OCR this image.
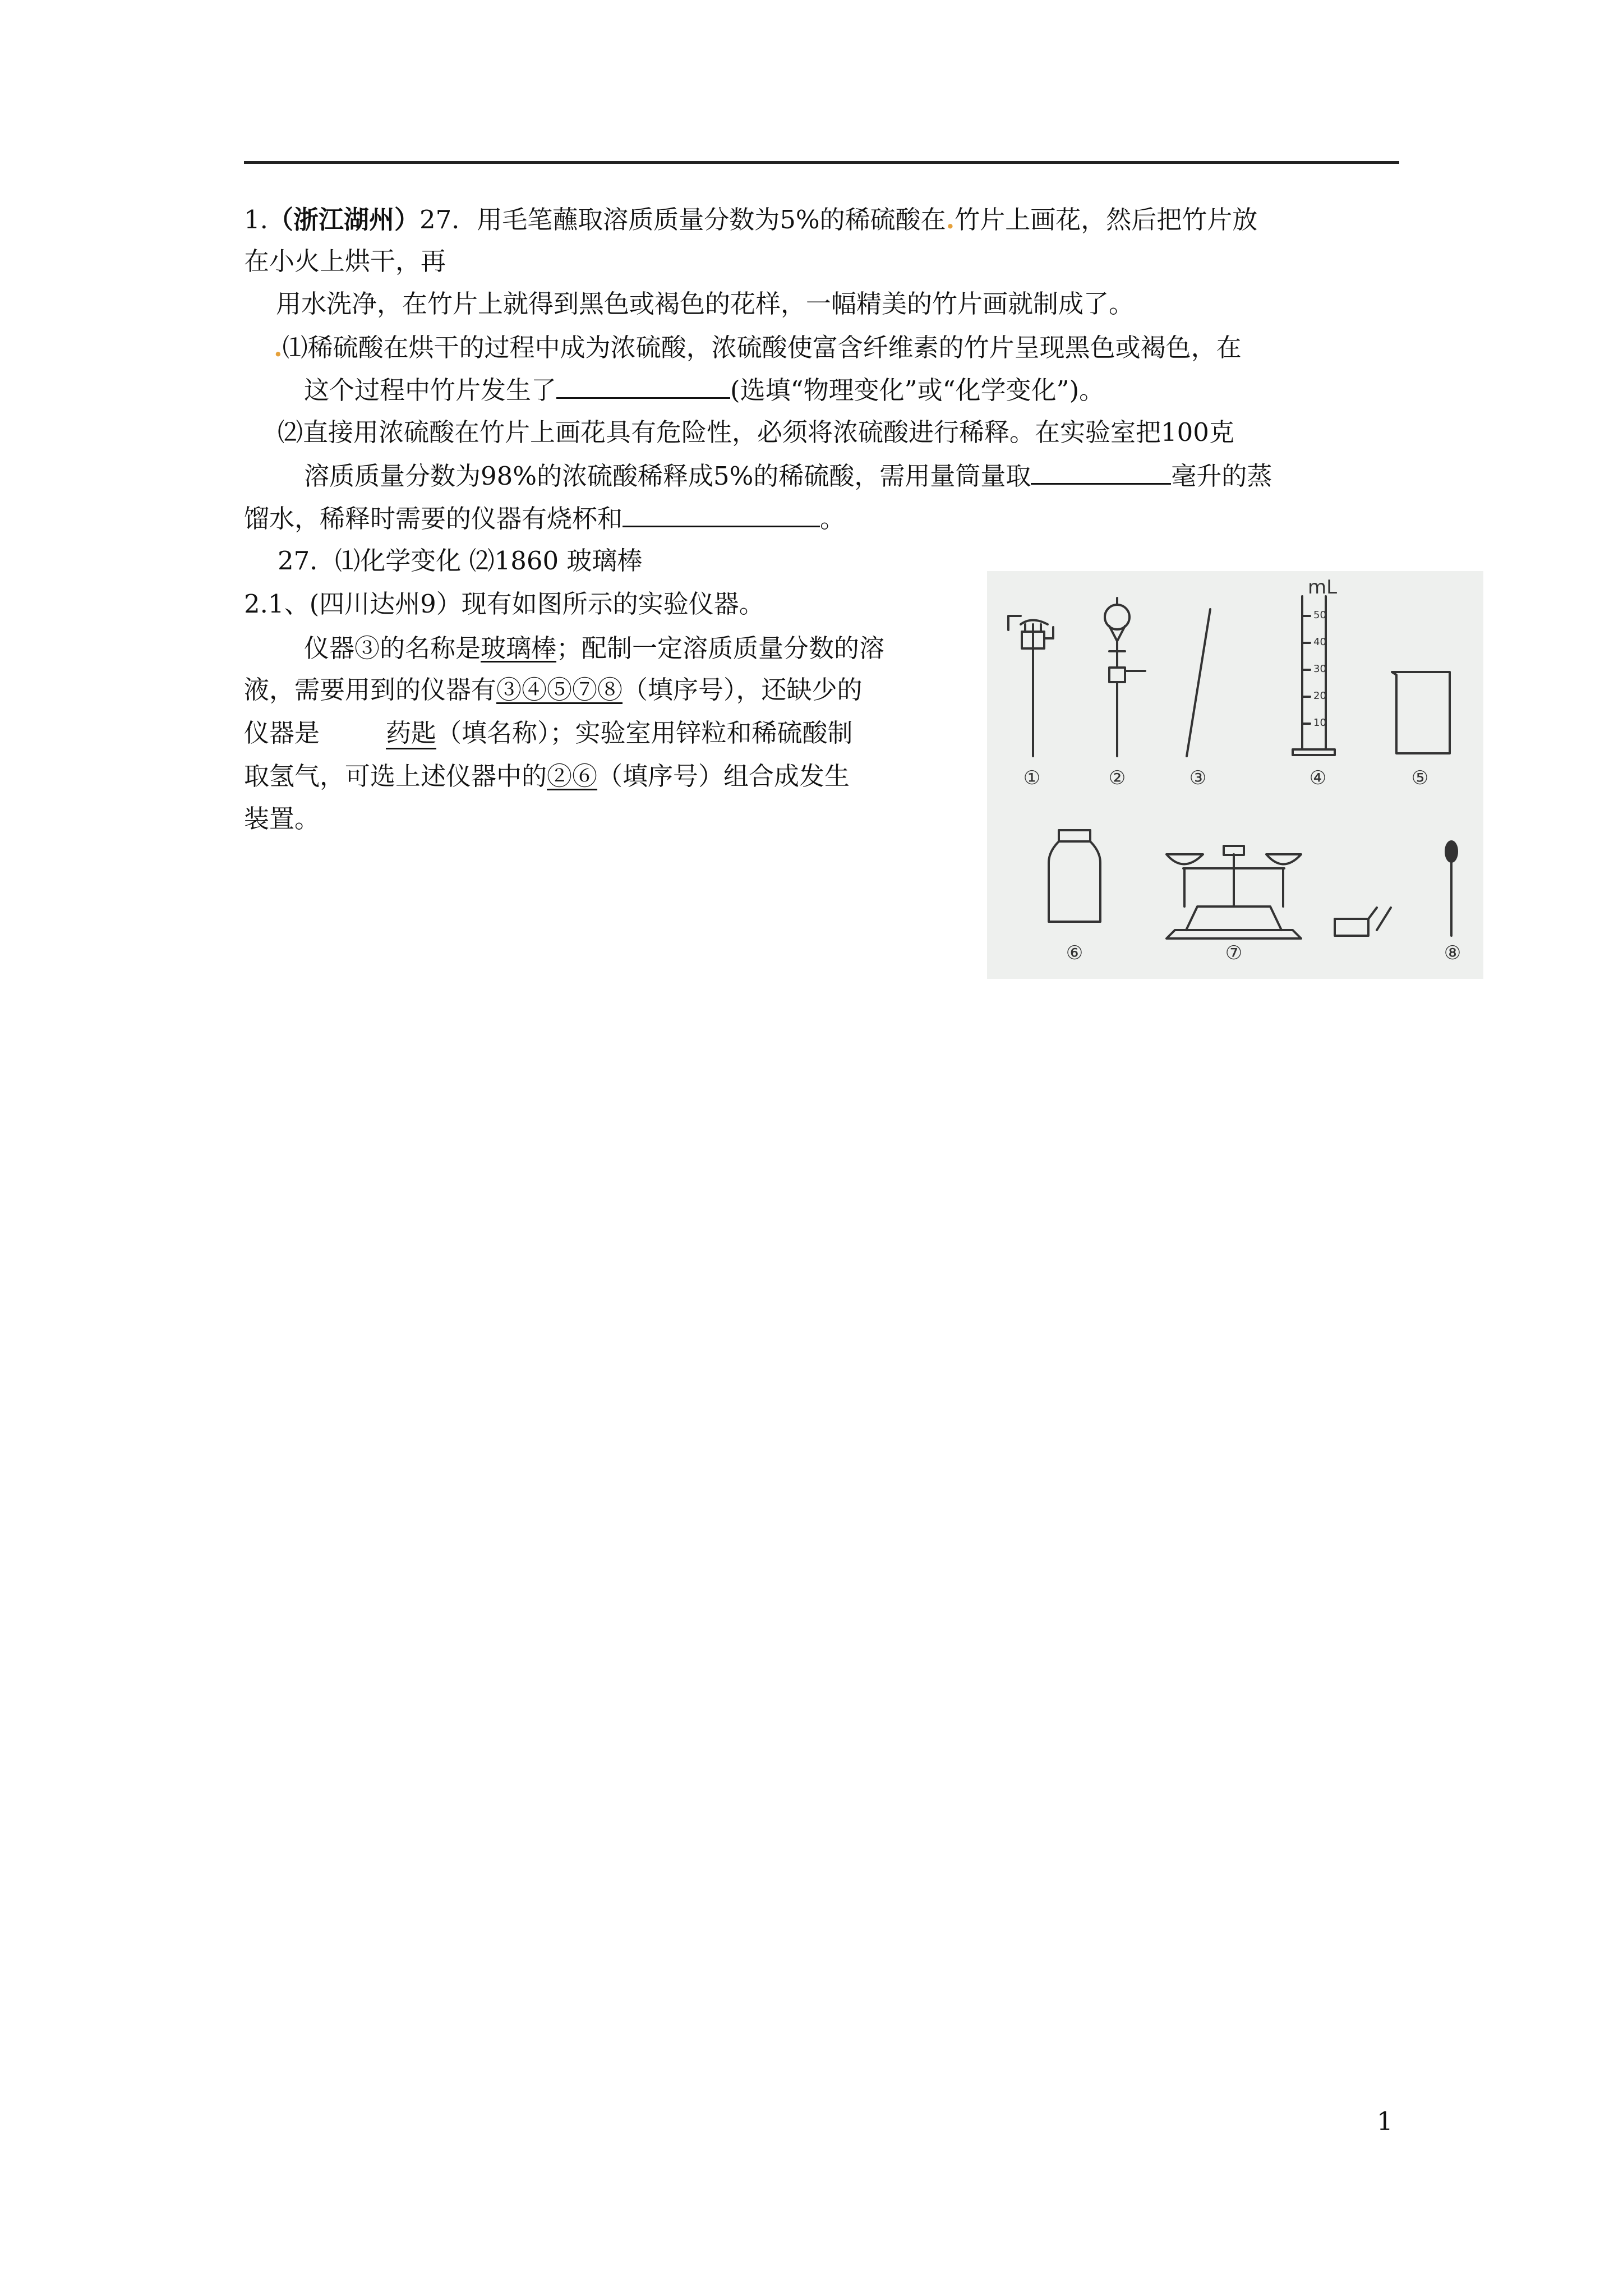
1.（浙江湖州）27．用毛笔蘸取溶质质量分数为5%的稀硫酸在.竹片上画花，然后把竹片放
在小火上烘干，再
用水洗净，在竹片上就得到黑色或褐色的花样，一幅精美的竹片画就制成了。
.⑴稀硫酸在烘干的过程中成为浓硫酸，浓硫酸使富含纤维素的竹片呈现黑色或褐色，在
这个过程中竹片发生了	(选填“物理变化”或“化学变化”)。
⑵直接用浓硫酸在竹片上画花具有危险性，必须将浓硫酸进行稀释。在实验室把100克
溶质质量分数为98%的浓硫酸稀释成5%的稀硫酸，需用量筒量取	毫升的蒸
馏水，稀释时需要的仪器有烧杯和	。
27．⑴化学变化 ⑵1860 玻璃棒
2.1、(四川达州9）现有如图所示的实验仪器。
仪器③的名称是玻璃棒；配制一定溶质质量分数的溶
液，需要用到的仪器有③④⑤⑦⑧（填序号），还缺少的
仪器是	药匙（填名称）；实验室用锌粒和稀硫酸制
取氢气，可选上述仪器中的②⑥（填序号）组合成发生
装置。
50
40
30
20
10
mL
①	②	③	④	⑤
⑥	⑦	⑧
1
